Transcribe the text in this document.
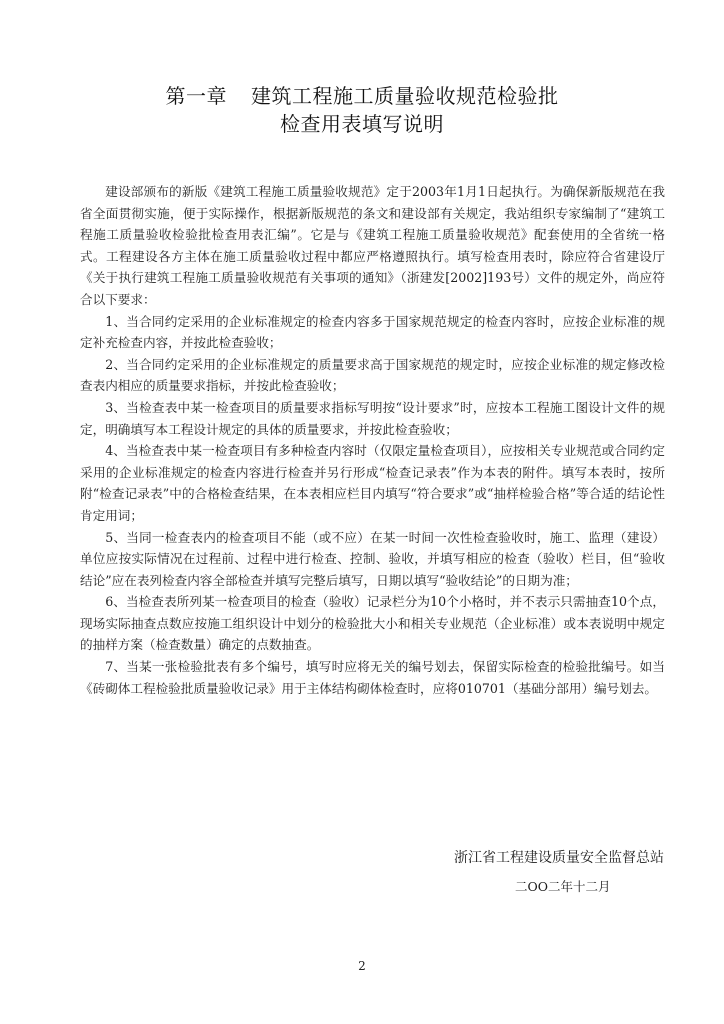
第一章 建筑工程施工质量验收规范检验批
检查用表填写说明

建设部颁布的新版《建筑工程施工质量验收规范》定于2003年1月1日起执行。为确保新版规范在我省全面贯彻实施，便于实际操作，根据新版规范的条文和建设部有关规定，我站组织专家编制了“建筑工程施工质量验收检验批检查用表汇编”。它是与《建筑工程施工质量验收规范》配套使用的全省统一格式。工程建设各方主体在施工质量验收过程中都应严格遵照执行。填写检查用表时，除应符合省建设厅《关于执行建筑工程施工质量验收规范有关事项的通知》（浙建发[2002]193号）文件的规定外，尚应符合以下要求：

1、当合同约定采用的企业标准规定的检查内容多于国家规范规定的检查内容时，应按企业标准的规定补充检查内容，并按此检查验收；

2、当合同约定采用的企业标准规定的质量要求高于国家规范的规定时，应按企业标准的规定修改检查表内相应的质量要求指标，并按此检查验收；

3、当检查表中某一检查项目的质量要求指标写明按“设计要求”时，应按本工程施工图设计文件的规定，明确填写本工程设计规定的具体的质量要求，并按此检查验收；

4、当检查表中某一检查项目有多种检查内容时（仅限定量检查项目），应按相关专业规范或合同约定采用的企业标准规定的检查内容进行检查并另行形成“检查记录表”作为本表的附件。填写本表时，按所附“检查记录表”中的合格检查结果，在本表相应栏目内填写“符合要求”或“抽样检验合格”等合适的结论性肯定用词；

5、当同一检查表内的检查项目不能（或不应）在某一时间一次性检查验收时，施工、监理（建设）单位应按实际情况在过程前、过程中进行检查、控制、验收，并填写相应的检查（验收）栏目，但“验收结论”应在表列检查内容全部检查并填写完整后填写，日期以填写“验收结论”的日期为准；

6、当检查表所列某一检查项目的检查（验收）记录栏分为10个小格时，并不表示只需抽查10个点，现场实际抽查点数应按施工组织设计中划分的检验批大小和相关专业规范（企业标准）或本表说明中规定的抽样方案（检查数量）确定的点数抽查。

7、当某一张检验批表有多个编号，填写时应将无关的编号划去，保留实际检查的检验批编号。如当《砖砌体工程检验批质量验收记录》用于主体结构砌体检查时，应将010701（基础分部用）编号划去。

浙江省工程建设质量安全监督总站
二OO二年十二月
2
